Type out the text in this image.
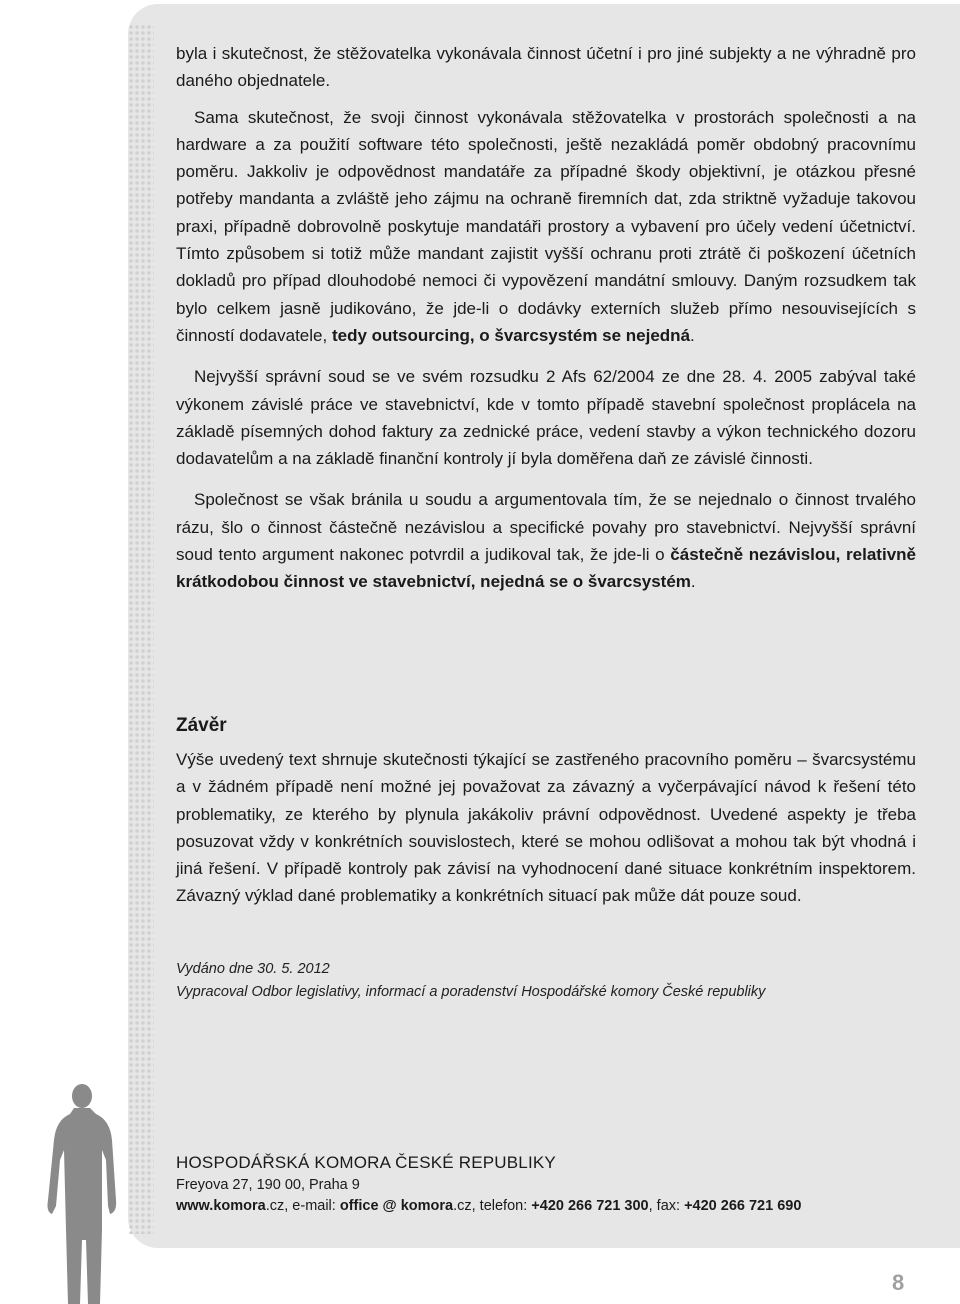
byla i skutečnost, že stěžovatelka vykonávala činnost účetní i pro jiné subjekty a ne výhradně pro daného objednatele.

Sama skutečnost, že svoji činnost vykonávala stěžovatelka v prostorách společnosti a na hardware a za použití software této společnosti, ještě nezakládá poměr obdobný pracovnímu poměru. Jakkoliv je odpovědnost mandatáře za případné škody objektivní, je otázkou přesné potřeby mandanta a zvláště jeho zájmu na ochraně firemních dat, zda striktně vyžaduje takovou praxi, případně dobrovolně poskytuje mandatáři prostory a vybavení pro účely vedení účetnictví. Tímto způsobem si totiž může mandant zajistit vyšší ochranu proti ztrátě či poškození účetních dokladů pro případ dlouhodobé nemoci či vypovězení mandátní smlouvy. Daným rozsudkem tak bylo celkem jasně judikováno, že jde-li o dodávky externích služeb přímo nesouvisejících s činností dodavatele, tedy outsourcing, o švarcsystém se nejedná.

Nejvyšší správní soud se ve svém rozsudku 2 Afs 62/2004 ze dne 28. 4. 2005 zabýval také výkonem závislé práce ve stavebnictví, kde v tomto případě stavební společnost proplácela na základě písemných dohod faktury za zednické práce, vedení stavby a výkon technického dozoru dodavatelům a na základě finanční kontroly jí byla doměřena daň ze závislé činnosti.

Společnost se však bránila u soudu a argumentovala tím, že se nejednalo o činnost trvalého rázu, šlo o činnost částečně nezávislou a specifické povahy pro stavebnictví. Nejvyšší správní soud tento argument nakonec potvrdil a judikoval tak, že jde-li o částečně nezávislou, relativně krátkodobou činnost ve stavebnictví, nejedná se o švarcsystém.

Závěr
Výše uvedený text shrnuje skutečnosti týkající se zastřeného pracovního poměru – švarcsystému a v žádném případě není možné jej považovat za závazný a vyčerpávající návod k řešení této problematiky, ze kterého by plynula jakákoliv právní odpovědnost. Uvedené aspekty je třeba posuzovat vždy v konkrétních souvislostech, které se mohou odlišovat a mohou tak být vhodná i jiná řešení. V případě kontroly pak závisí na vyhodnocení dané situace konkrétním inspektorem. Závazný výklad dané problematiky a konkrétních situací pak může dát pouze soud.
Vydáno dne 30. 5. 2012
Vypracoval Odbor legislativy, informací a poradenství Hospodářské komory České republiky
HOSPODÁŘSKÁ KOMORA ČESKÉ REPUBLIKY
Freyova 27, 190 00, Praha 9
www.komora.cz, e-mail: office @ komora.cz, telefon: +420 266 721 300, fax: +420 266 721 690
8
